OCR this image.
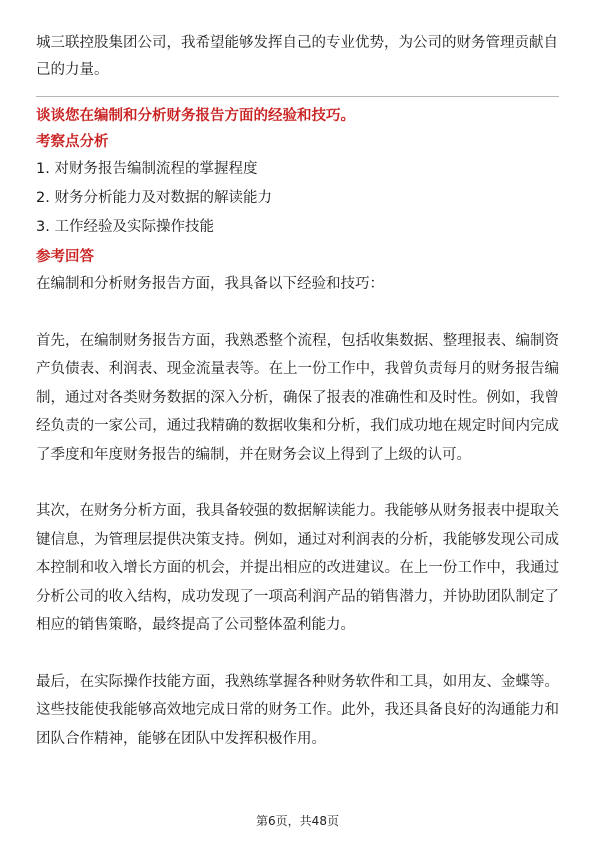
城三联控股集团公司，我希望能够发挥自己的专业优势，为公司的财务管理贡献自己的力量。

谈谈您在编制和分析财务报告方面的经验和技巧。

考察点分析

1. 对财务报告编制流程的掌握程度
2. 财务分析能力及对数据的解读能力
3. 工作经验及实际操作技能

参考回答

在编制和分析财务报告方面，我具备以下经验和技巧：

首先，在编制财务报告方面，我熟悉整个流程，包括收集数据、整理报表、编制资产负债表、利润表、现金流量表等。在上一份工作中，我曾负责每月的财务报告编制，通过对各类财务数据的深入分析，确保了报表的准确性和及时性。例如，我曾经负责的一家公司，通过我精确的数据收集和分析，我们成功地在规定时间内完成了季度和年度财务报告的编制，并在财务会议上得到了上级的认可。

其次，在财务分析方面，我具备较强的数据解读能力。我能够从财务报表中提取关键信息，为管理层提供决策支持。例如，通过对利润表的分析，我能够发现公司成本控制和收入增长方面的机会，并提出相应的改进建议。在上一份工作中，我通过分析公司的收入结构，成功发现了一项高利润产品的销售潜力，并协助团队制定了相应的销售策略，最终提高了公司整体盈利能力。

最后，在实际操作技能方面，我熟练掌握各种财务软件和工具，如用友、金蝶等。这些技能使我能够高效地完成日常的财务工作。此外，我还具备良好的沟通能力和团队合作精神，能够在团队中发挥积极作用。

第6页，共48页
